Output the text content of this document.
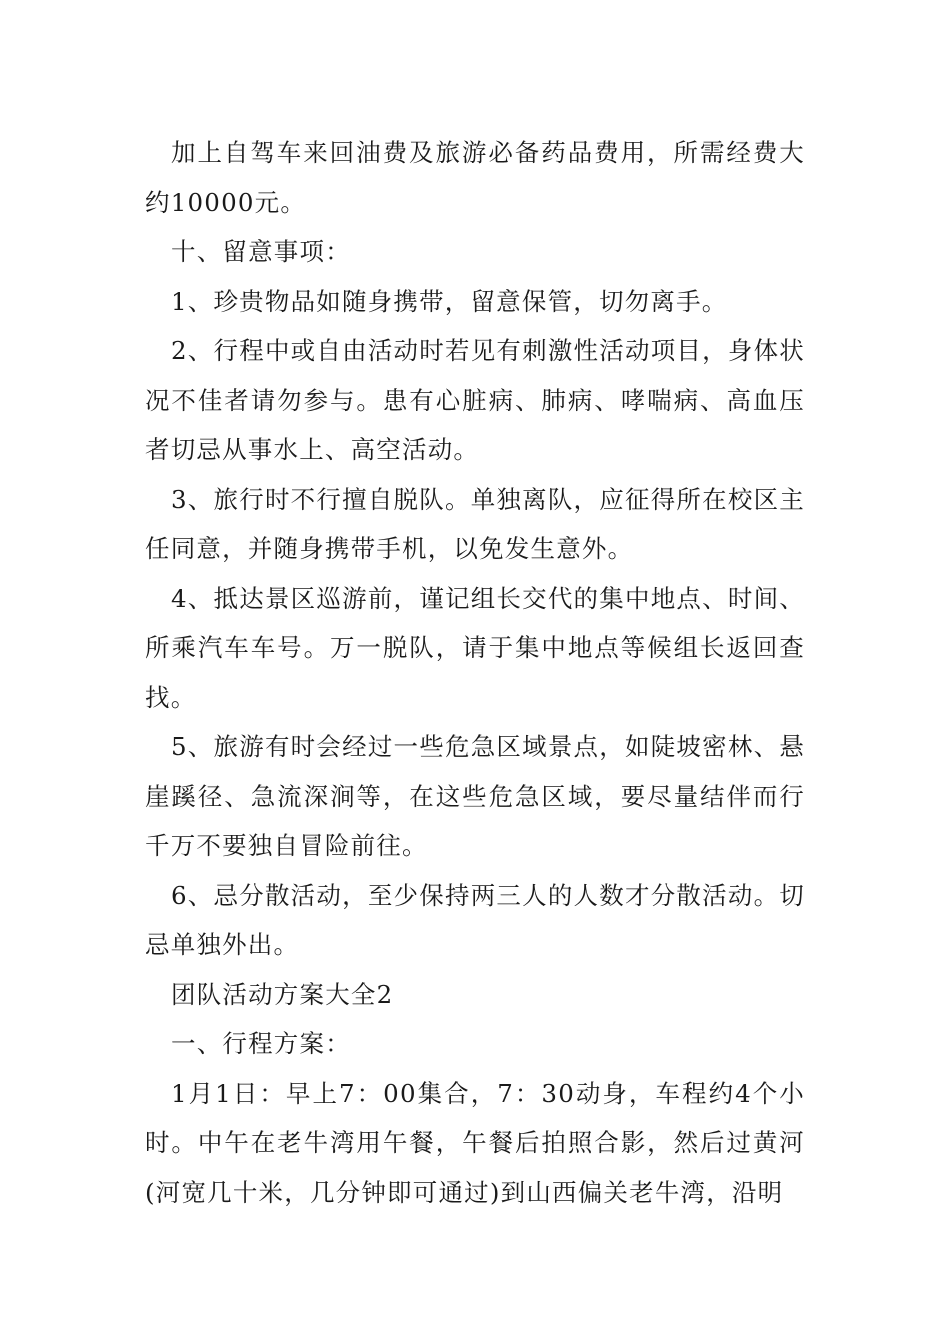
加上自驾车来回油费及旅游必备药品费用，所需经费大约10000元。

十、留意事项：

1、珍贵物品如随身携带，留意保管，切勿离手。

2、行程中或自由活动时若见有刺激性活动项目，身体状况不佳者请勿参与。患有心脏病、肺病、哮喘病、高血压者切忌从事水上、高空活动。

3、旅行时不行擅自脱队。单独离队，应征得所在校区主任同意，并随身携带手机，以免发生意外。

4、抵达景区巡游前，谨记组长交代的集中地点、时间、所乘汽车车号。万一脱队，请于集中地点等候组长返回查找。

5、旅游有时会经过一些危急区域景点，如陡坡密林、悬崖蹊径、急流深涧等，在这些危急区域，要尽量结伴而行千万不要独自冒险前往。

6、忌分散活动，至少保持两三人的人数才分散活动。切忌单独外出。

团队活动方案大全2

一、行程方案：

1月1日：早上7：00集合，7：30动身，车程约4个小时。中午在老牛湾用午餐，午餐后拍照合影，然后过黄河(河宽几十米，几分钟即可通过)到山西偏关老牛湾，沿明
